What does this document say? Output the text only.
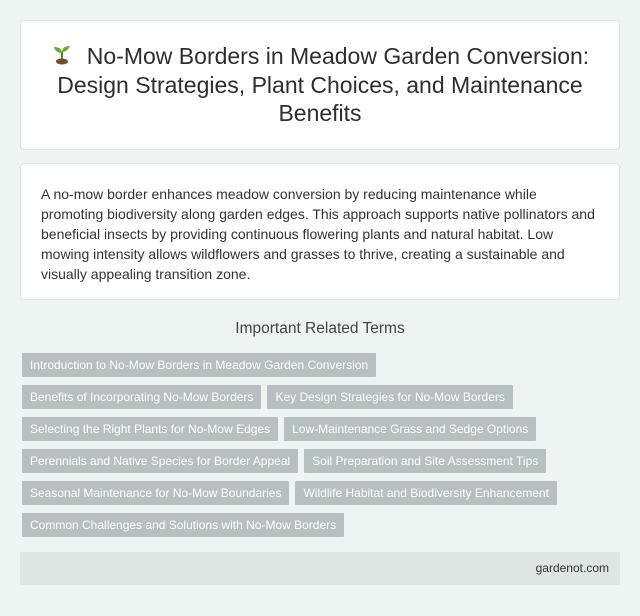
No-Mow Borders in Meadow Garden Conversion: Design Strategies, Plant Choices, and Maintenance Benefits

A no-mow border enhances meadow conversion by reducing maintenance while promoting biodiversity along garden edges. This approach supports native pollinators and beneficial insects by providing continuous flowering plants and natural habitat. Low mowing intensity allows wildflowers and grasses to thrive, creating a sustainable and visually appealing transition zone.

Important Related Terms
Introduction to No-Mow Borders in Meadow Garden Conversion
Benefits of Incorporating No-Mow Borders	Key Design Strategies for No-Mow Borders
Selecting the Right Plants for No-Mow Edges	Low-Maintenance Grass and Sedge Options
Perennials and Native Species for Border Appeal	Soil Preparation and Site Assessment Tips
Seasonal Maintenance for No-Mow Boundaries	Wildlife Habitat and Biodiversity Enhancement
Common Challenges and Solutions with No-Mow Borders
gardenot.com
